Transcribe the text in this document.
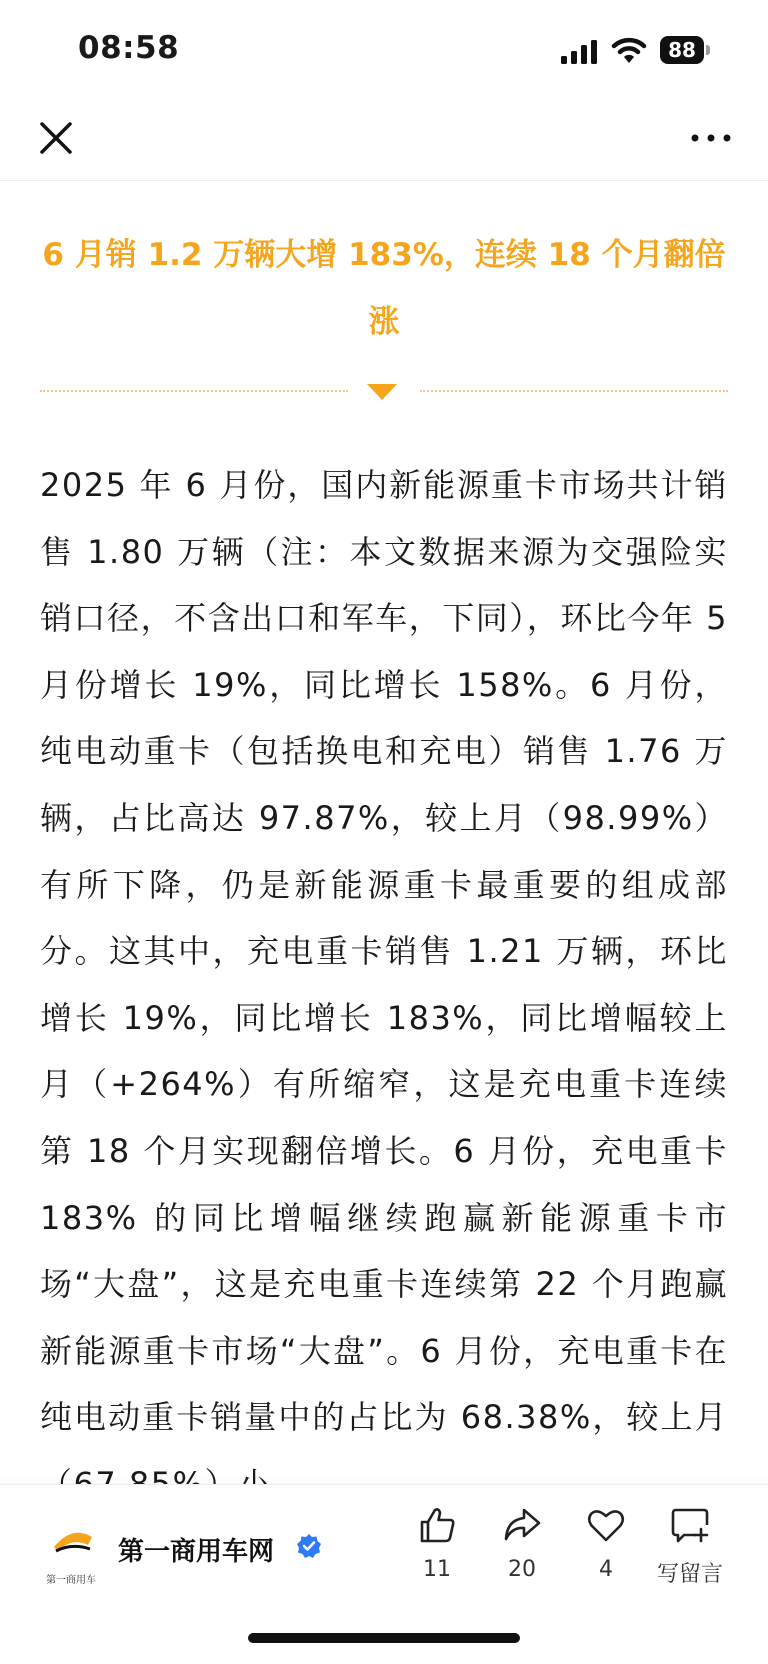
08:58	88
6 月销 1.2 万辆大增 183%，连续 18 个月翻倍涨

2025 年 6 月份，国内新能源重卡市场共计销售 1.80 万辆（注：本文数据来源为交强险实销口径，不含出口和军车，下同），环比今年 5 月份增长 19%，同比增长 158%。6 月份，纯电动重卡（包括换电和充电）销售 1.76 万辆，占比高达 97.87%，较上月（98.99%）有所下降，仍是新能源重卡最重要的组成部分。这其中，充电重卡销售 1.21 万辆，环比增长 19%，同比增长 183%，同比增幅较上月（+264%）有所缩窄，这是充电重卡连续第 18 个月实现翻倍增长。6 月份，充电重卡 183% 的同比增幅继续跑赢新能源重卡市场“大盘”，这是充电重卡连续第 22 个月跑赢新能源重卡市场“大盘”。6 月份，充电重卡在纯电动重卡销量中的占比为 68.38%，较上月

第一商用车
第一商用车网
11	20	4	写留言
